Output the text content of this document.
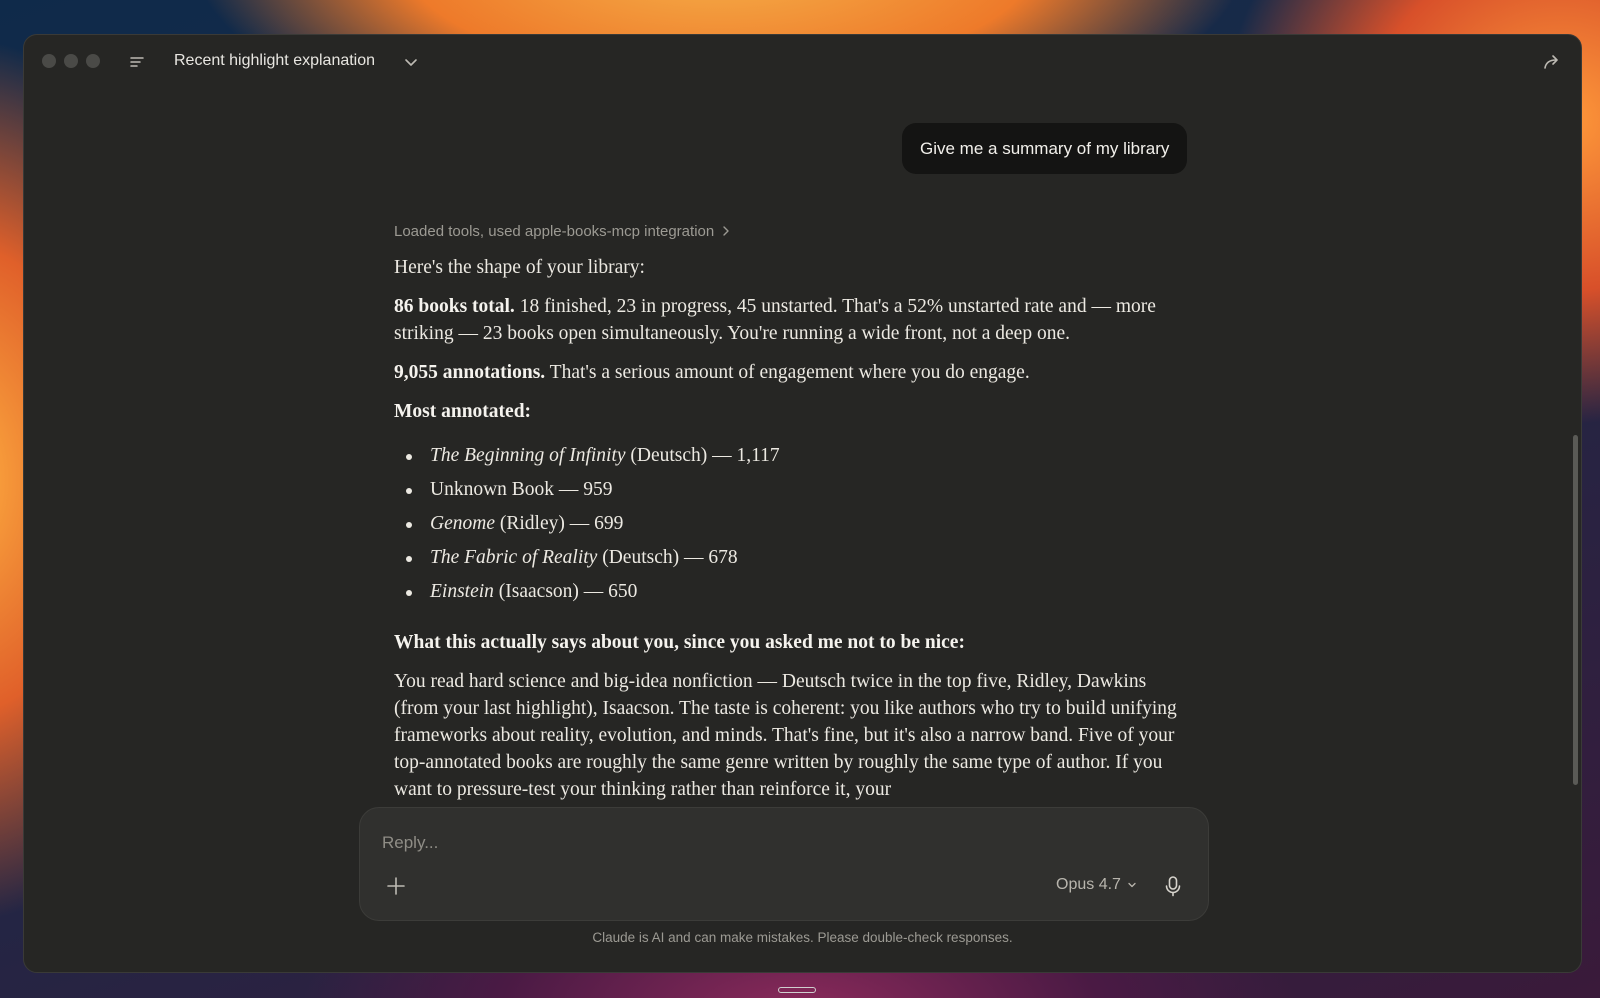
Recent highlight explanation
Give me a summary of my library
Loaded tools, used apple-books-mcp integration

Here's the shape of your library:

86 books total. 18 finished, 23 in progress, 45 unstarted. That's a 52% unstarted rate and — more striking — 23 books open simultaneously. You're running a wide front, not a deep one.

9,055 annotations. That's a serious amount of engagement where you do engage.

Most annotated:

The Beginning of Infinity (Deutsch) — 1,117
Unknown Book — 959
Genome (Ridley) — 699
The Fabric of Reality (Deutsch) — 678
Einstein (Isaacson) — 650

What this actually says about you, since you asked me not to be nice:

You read hard science and big-idea nonfiction — Deutsch twice in the top five, Ridley, Dawkins (from your last highlight), Isaacson. The taste is coherent: you like authors who try to build unifying frameworks about reality, evolution, and minds. That's fine, but it's also a narrow band. Five of your top-annotated books are roughly the same genre written by roughly the same type of author. If you want to pressure-test your thinking rather than reinforce it, your

Reply...
Opus 4.7
Claude is AI and can make mistakes. Please double-check responses.
